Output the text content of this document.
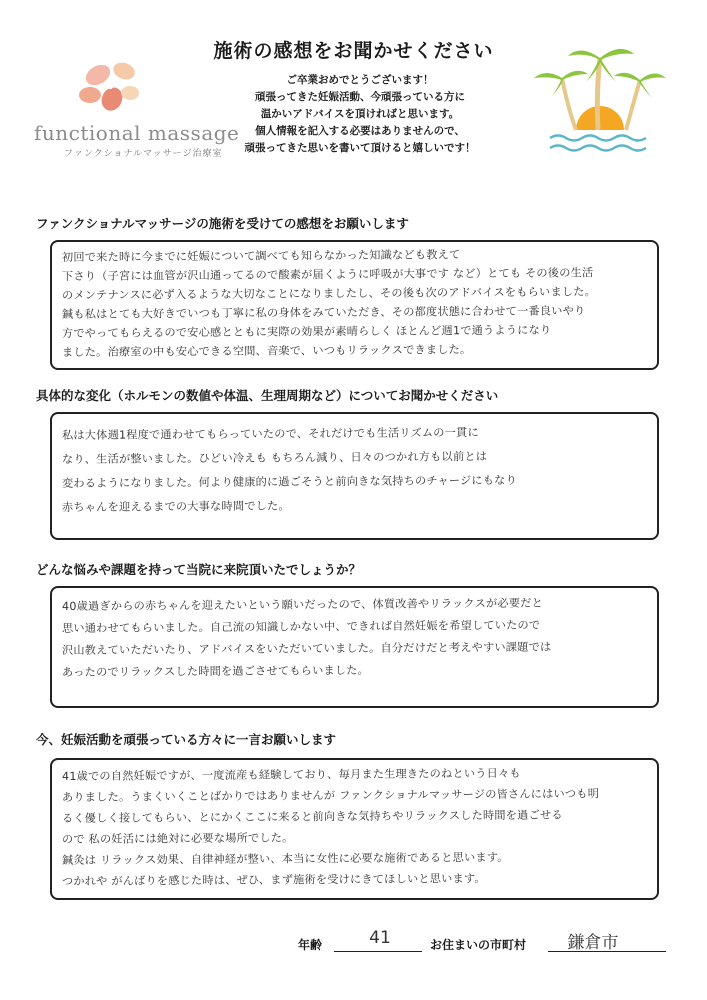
functional massage
ファンクショナルマッサージ治療室
施術の感想をお聞かせください
ご卒業おめでとうございます！
頑張ってきた妊娠活動、今頑張っている方に
温かいアドバイスを頂ければと思います。
個人情報を記入する必要はありませんので、
頑張ってきた思いを書いて頂けると嬉しいです！
ファンクショナルマッサージの施術を受けての感想をお願いします
初回で来た時に今までに妊娠について調べても知らなかった知識なども教えて
下さり（子宮には血管が沢山通ってるので酸素が届くように呼吸が大事です など）とても その後の生活
のメンテナンスに必ず入るような大切なことになりましたし、その後も次のアドバイスをもらいました。
鍼も私はとても大好きでいつも丁寧に私の身体をみていただき、その都度状態に合わせて一番良いやり
方でやってもらえるので安心感とともに実際の効果が素晴らしく ほとんど週1で通うようになり
ました。治療室の中も安心できる空間、音楽で、いつもリラックスできました。
具体的な変化（ホルモンの数値や体温、生理周期など）についてお聞かせください
私は大体週1程度で通わせてもらっていたので、それだけでも生活リズムの一貫に
なり、生活が整いました。ひどい冷えも もちろん減り、日々のつかれ方も以前とは
変わるようになりました。何より健康的に過ごそうと前向きな気持ちのチャージにもなり
赤ちゃんを迎えるまでの大事な時間でした。
どんな悩みや課題を持って当院に来院頂いたでしょうか？
40歳過ぎからの赤ちゃんを迎えたいという願いだったので、体質改善やリラックスが必要だと
思い通わせてもらいました。自己流の知識しかない中、できれば自然妊娠を希望していたので
沢山教えていただいたり、アドバイスをいただいていました。自分だけだと考えやすい課題では
あったのでリラックスした時間を過ごさせてもらいました。
今、妊娠活動を頑張っている方々に一言お願いします
41歳での自然妊娠ですが、一度流産も経験しており、毎月また生理きたのねという日々も
ありました。うまくいくことばかりではありませんが ファンクショナルマッサージの皆さんにはいつも明
るく優しく接してもらい、とにかくここに来ると前向きな気持ちやリラックスした時間を過ごせる
ので 私の妊活には絶対に必要な場所でした。
鍼灸は リラックス効果、自律神経が整い、本当に女性に必要な施術であると思います。
つかれや がんばりを感じた時は、ぜひ、まず施術を受けにきてほしいと思います。
年齢	41	お住まいの市町村	鎌倉市
